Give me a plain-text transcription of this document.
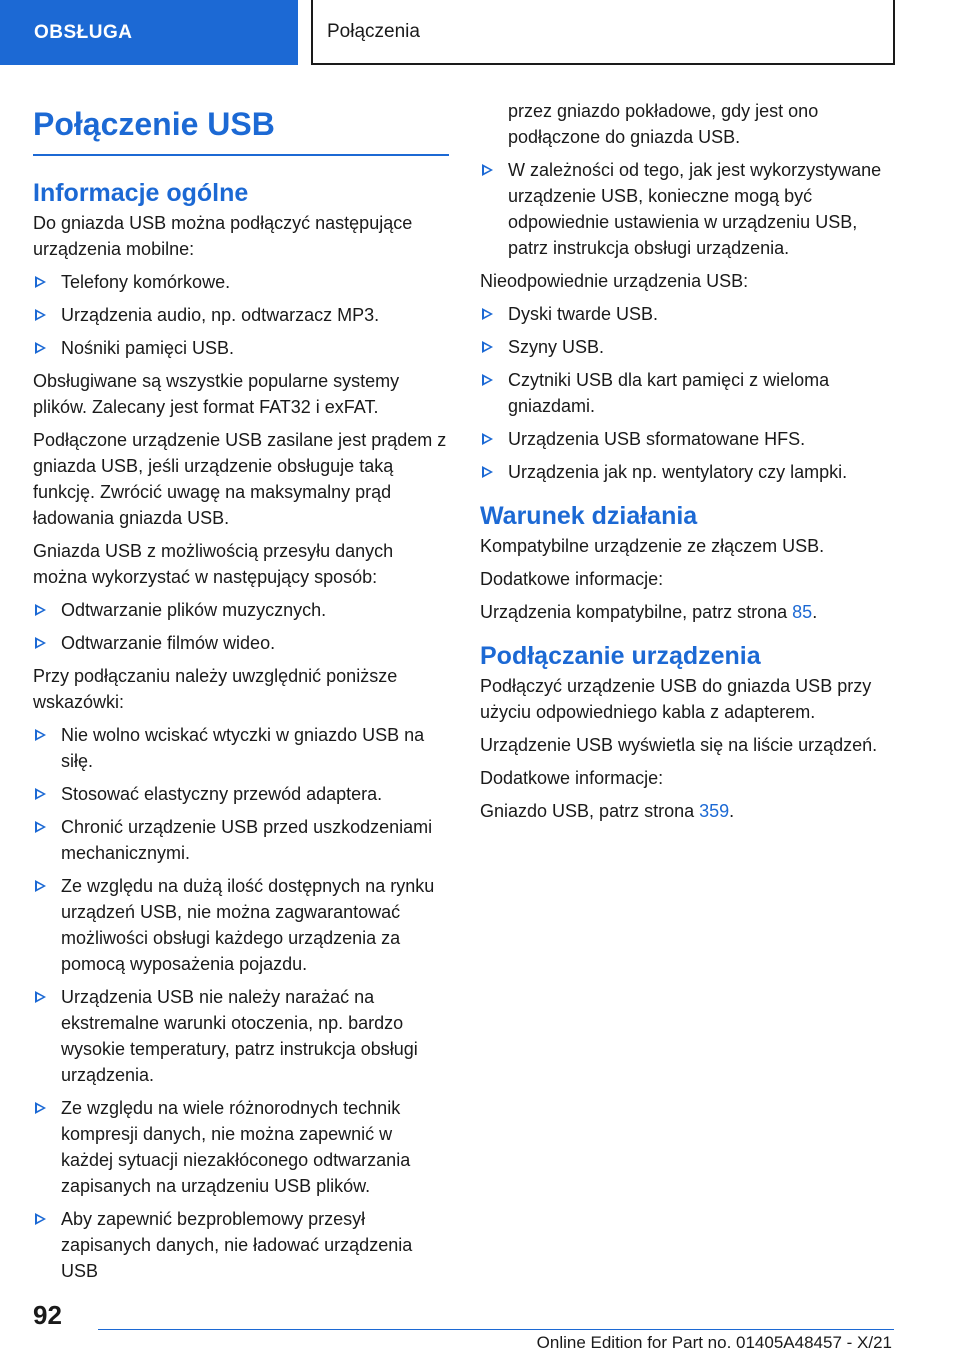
OBSŁUGA	Połączenia
Połączenie USB
Informacje ogólne

Do gniazda USB można podłączyć następujące urządzenia mobilne:

Telefony komórkowe.
Urządzenia audio, np. odtwarzacz MP3.
Nośniki pamięci USB.

Obsługiwane są wszystkie popularne systemy plików. Zalecany jest format FAT32 i exFAT.

Podłączone urządzenie USB zasilane jest prądem z gniazda USB, jeśli urządzenie obsługuje taką funkcję. Zwrócić uwagę na maksymalny prąd ładowania gniazda USB.

Gniazda USB z możliwością przesyłu danych można wykorzystać w następujący sposób:

Odtwarzanie plików muzycznych.
Odtwarzanie filmów wideo.

Przy podłączaniu należy uwzględnić poniższe wskazówki:

Nie wolno wciskać wtyczki w gniazdo USB na siłę.
Stosować elastyczny przewód adaptera.
Chronić urządzenie USB przed uszkodzeniami mechanicznymi.
Ze względu na dużą ilość dostępnych na rynku urządzeń USB, nie można zagwarantować możliwości obsługi każdego urządzenia za pomocą wyposażenia pojazdu.
Urządzenia USB nie należy narażać na ekstremalne warunki otoczenia, np. bardzo wysokie temperatury, patrz instrukcja obsługi urządzenia.
Ze względu na wiele różnorodnych technik kompresji danych, nie można zapewnić w każdej sytuacji niezakłóconego odtwarzania zapisanych na urządzeniu USB plików.
Aby zapewnić bezproblemowy przesył zapisanych danych, nie ładować urządzenia USB

przez gniazdo pokładowe, gdy jest ono podłączone do gniazda USB.

W zależności od tego, jak jest wykorzystywane urządzenie USB, konieczne mogą być odpowiednie ustawienia w urządzeniu USB, patrz instrukcja obsługi urządzenia.

Nieodpowiednie urządzenia USB:

Dyski twarde USB.
Szyny USB.
Czytniki USB dla kart pamięci z wieloma gniazdami.
Urządzenia USB sformatowane HFS.
Urządzenia jak np. wentylatory czy lampki.
Warunek działania

Kompatybilne urządzenie ze złączem USB.

Dodatkowe informacje:

Urządzenia kompatybilne, patrz strona 85.

Podłączanie urządzenia

Podłączyć urządzenie USB do gniazda USB przy użyciu odpowiedniego kabla z adapterem.

Urządzenie USB wyświetla się na liście urządzeń.

Dodatkowe informacje:

Gniazdo USB, patrz strona 359.

92
Online Edition for Part no. 01405A48457 - X/21
